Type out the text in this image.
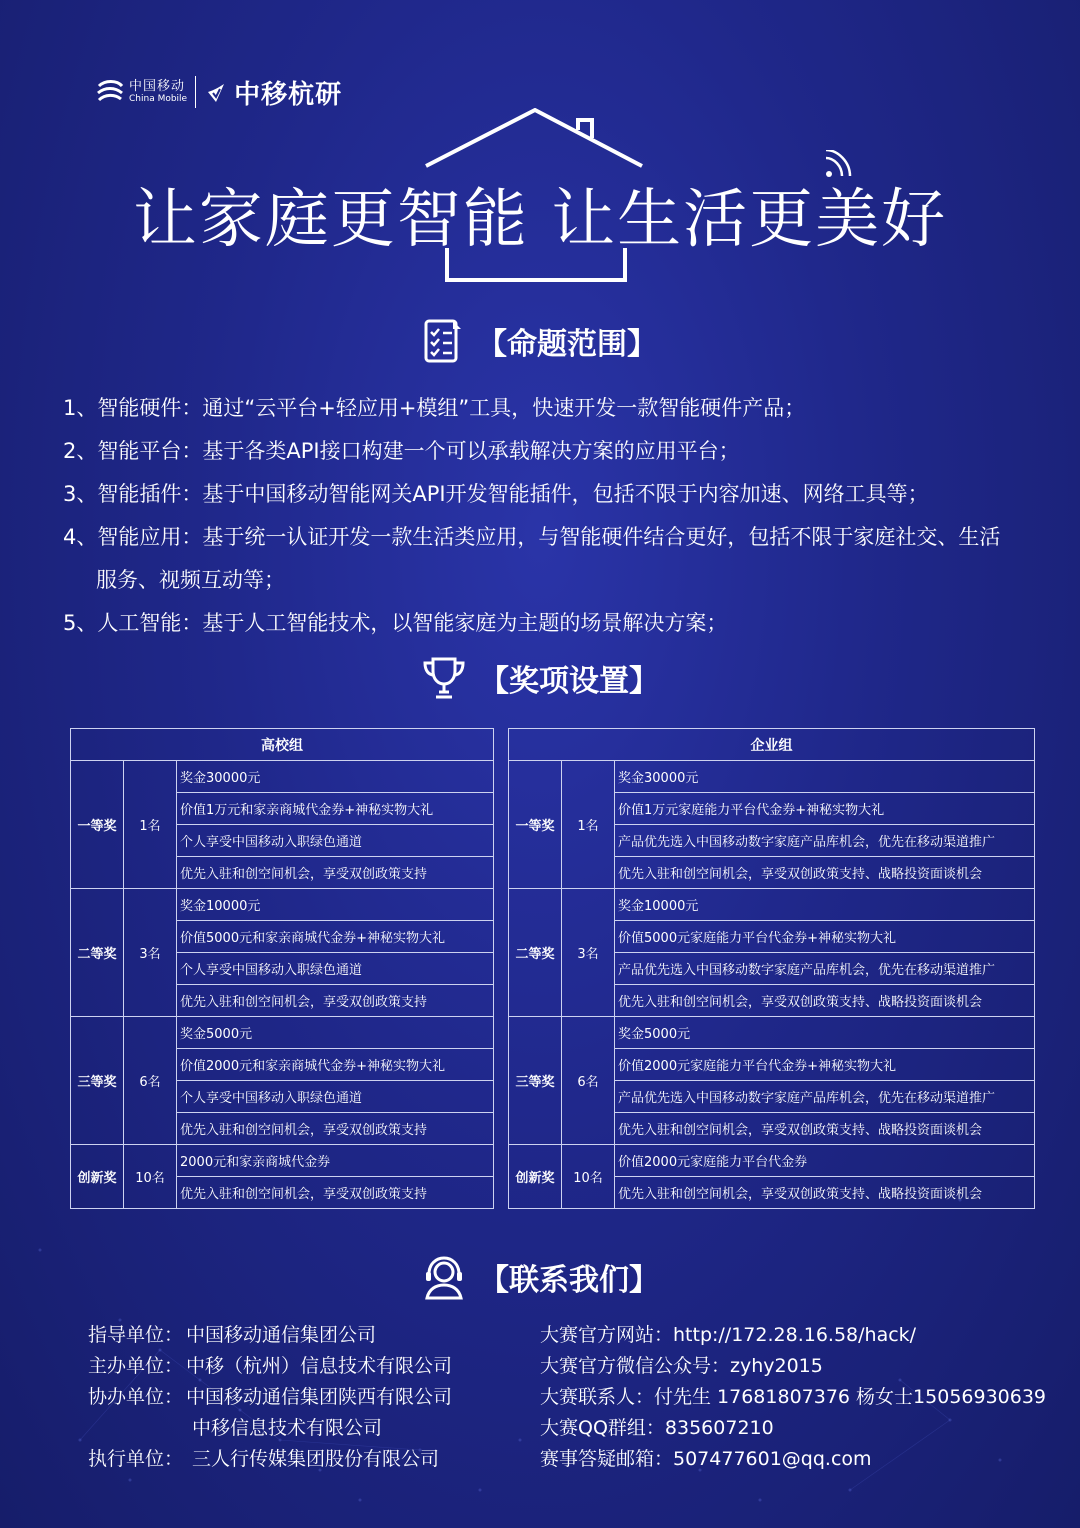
中国移动
China Mobile 中移杭研
让家庭更智能 让生活更美好
【命题范围】
1、智能硬件：通过“云平台+轻应用+模组”工具，快速开发一款智能硬件产品；
2、智能平台：基于各类API接口构建一个可以承载解决方案的应用平台；
3、智能插件：基于中国移动智能网关API开发智能插件，包括不限于内容加速、网络工具等；
4、智能应用：基于统一认证开发一款生活类应用，与智能硬件结合更好，包括不限于家庭社交、生活
服务、视频互动等；
5、人工智能：基于人工智能技术，以智能家庭为主题的场景解决方案；
【奖项设置】
高校组		
一等奖	1名	奖金30000元
		价值1万元和家亲商城代金券+神秘实物大礼
		个人享受中国移动入职绿色通道
		优先入驻和创空间机会，享受双创政策支持
二等奖	3名	奖金10000元
		价值5000元和家亲商城代金券+神秘实物大礼
		个人享受中国移动入职绿色通道
		优先入驻和创空间机会，享受双创政策支持
三等奖	6名	奖金5000元
		价值2000元和家亲商城代金券+神秘实物大礼
		个人享受中国移动入职绿色通道
		优先入驻和创空间机会，享受双创政策支持
创新奖	10名	2000元和家亲商城代金券
		优先入驻和创空间机会，享受双创政策支持
企业组		
一等奖	1名	奖金30000元
		价值1万元家庭能力平台代金券+神秘实物大礼
		产品优先选入中国移动数字家庭产品库机会，优先在移动渠道推广
		优先入驻和创空间机会，享受双创政策支持、战略投资面谈机会
二等奖	3名	奖金10000元
		价值5000元家庭能力平台代金券+神秘实物大礼
		产品优先选入中国移动数字家庭产品库机会，优先在移动渠道推广
		优先入驻和创空间机会，享受双创政策支持、战略投资面谈机会
三等奖	6名	奖金5000元
		价值2000元家庭能力平台代金券+神秘实物大礼
		产品优先选入中国移动数字家庭产品库机会，优先在移动渠道推广
		优先入驻和创空间机会，享受双创政策支持、战略投资面谈机会
创新奖	10名	价值2000元家庭能力平台代金券
		优先入驻和创空间机会，享受双创政策支持、战略投资面谈机会
【联系我们】
指导单位： 中国移动通信集团公司
主办单位： 中移（杭州）信息技术有限公司
协办单位： 中国移动通信集团陕西有限公司
中移信息技术有限公司
执行单位： 三人行传媒集团股份有限公司
大赛官方网站：http://172.28.16.58/hack/
大赛官方微信公众号：zyhy2015
大赛联系人：付先生 17681807376 杨女士15056930639
大赛QQ群组：835607210
赛事答疑邮箱：507477601@qq.com
